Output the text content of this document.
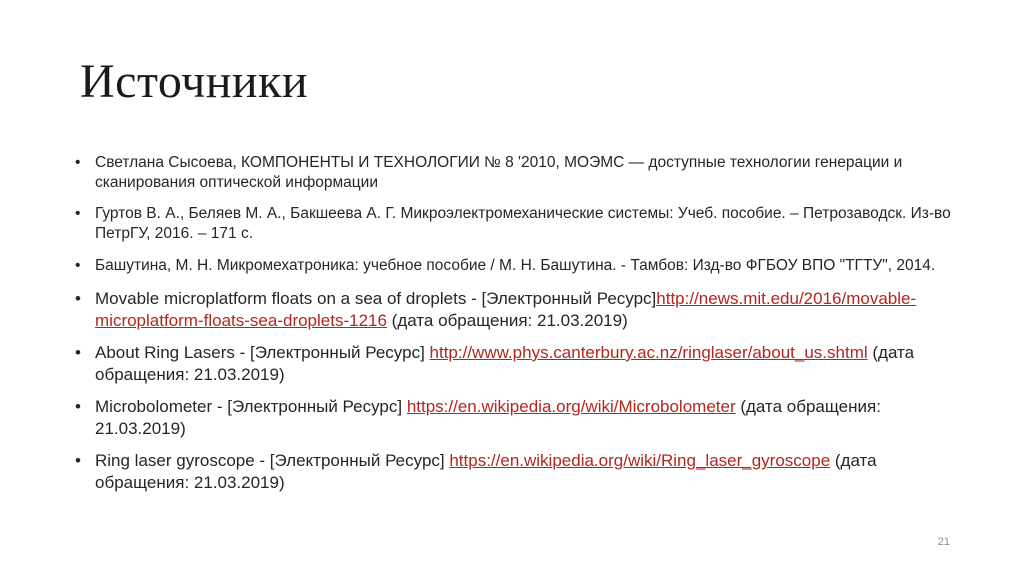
Источники
• Светлана Сысоева, КОМПОНЕНТЫ И ТЕХНОЛОГИИ № 8 '2010, МОЭМС — доступные технологии генерации и сканирования оптической информации
• Гуртов В. А., Беляев М. А., Бакшеева А. Г. Микроэлектромеханические системы: Учеб. пособие. – Петрозаводск. Из-во ПетрГУ, 2016. – 171 с.
• Башутина, М. Н. Микромехатроника: учебное пособие / М. Н. Башутина. - Тамбов: Изд-во ФГБОУ ВПО "ТГТУ", 2014.
• Movable microplatform floats on a sea of droplets - [Электронный Ресурс]http://news.mit.edu/2016/movable-microplatform-floats-sea-droplets-1216 (дата обращения: 21.03.2019)
• About Ring Lasers - [Электронный Ресурс] http://www.phys.canterbury.ac.nz/ringlaser/about_us.shtml (дата обращения: 21.03.2019)
• Microbolometer - [Электронный Ресурс] https://en.wikipedia.org/wiki/Microbolometer (дата обращения: 21.03.2019)
• Ring laser gyroscope - [Электронный Ресурс] https://en.wikipedia.org/wiki/Ring_laser_gyroscope (дата обращения: 21.03.2019)
21
